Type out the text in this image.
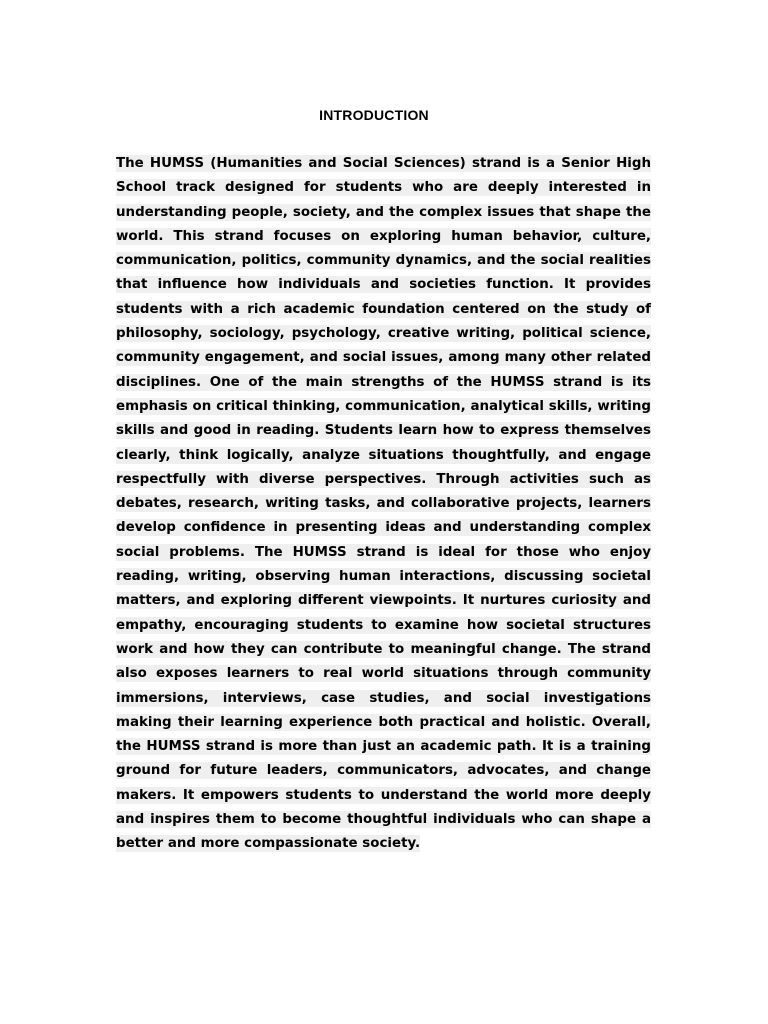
INTRODUCTION

The HUMSS (Humanities and Social Sciences) strand is a Senior High School track designed for students who are deeply interested in understanding people, society, and the complex issues that shape the world. This strand focuses on exploring human behavior, culture, communication, politics, community dynamics, and the social realities that influence how individuals and societies function. It provides students with a rich academic foundation centered on the study of philosophy, sociology, psychology, creative writing, political science, community engagement, and social issues, among many other related disciplines. One of the main strengths of the HUMSS strand is its emphasis on critical thinking, communication, analytical skills, writing skills and good in reading. Students learn how to express themselves clearly, think logically, analyze situations thoughtfully, and engage respectfully with diverse perspectives. Through activities such as debates, research, writing tasks, and collaborative projects, learners develop confidence in presenting ideas and understanding complex social problems. The HUMSS strand is ideal for those who enjoy reading, writing, observing human interactions, discussing societal matters, and exploring different viewpoints. It nurtures curiosity and empathy, encouraging students to examine how societal structures work and how they can contribute to meaningful change. The strand also exposes learners to real world situations through community immersions, interviews, case studies, and social investigations making their learning experience both practical and holistic. Overall, the HUMSS strand is more than just an academic path. It is a training ground for future leaders, communicators, advocates, and change makers. It empowers students to understand the world more deeply and inspires them to become thoughtful individuals who can shape a better and more compassionate society.
